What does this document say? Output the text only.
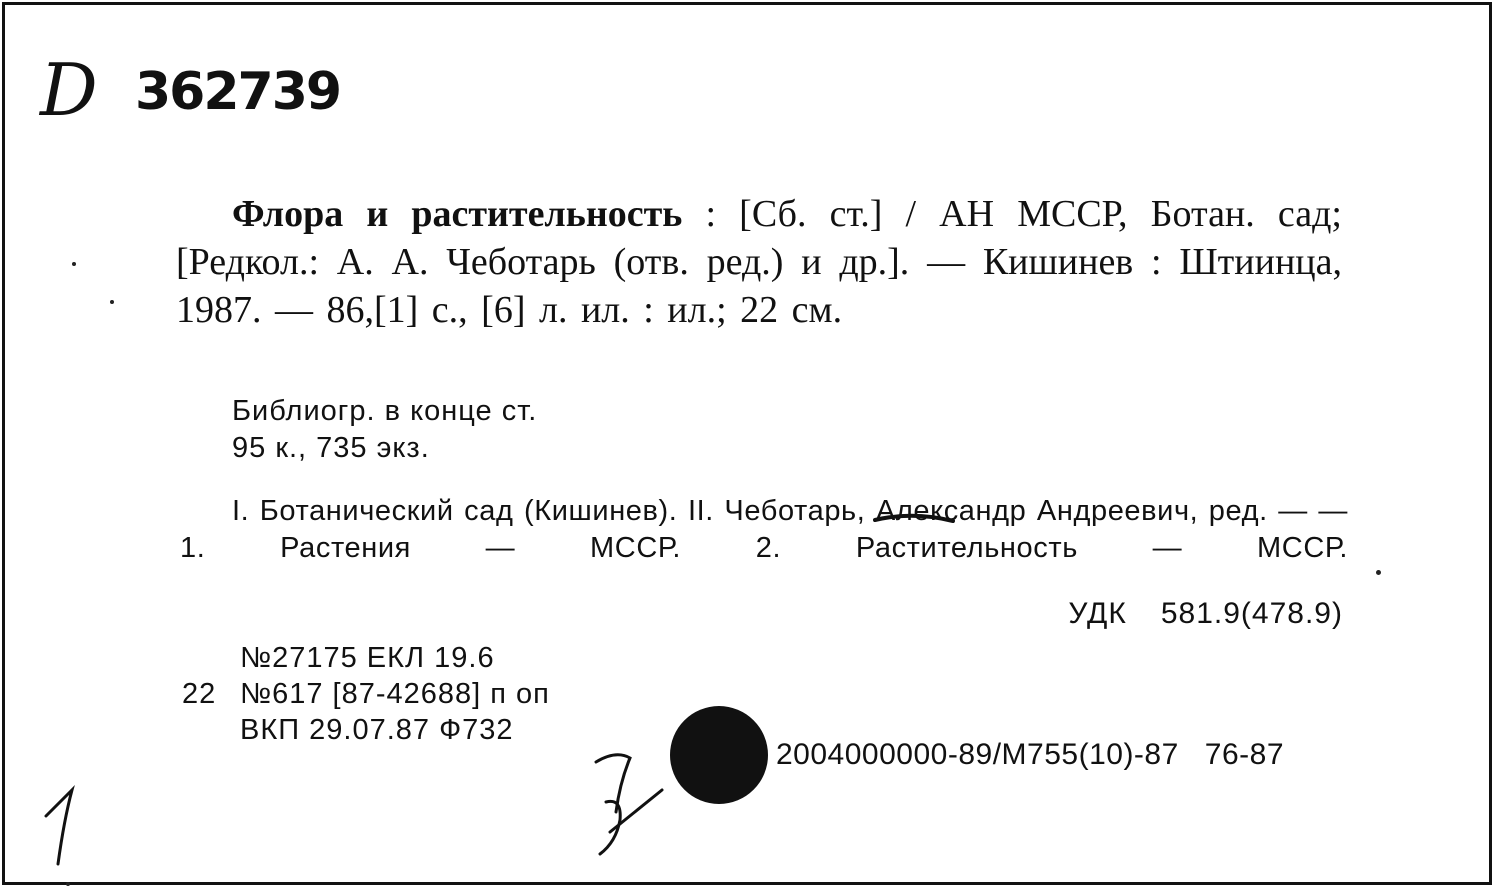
D 362739
Флора и растительность : [Сб. ст.] / АН МССР, Ботан. сад; [Редкол.: А. А. Чеботарь (отв. ред.) и др.]. — Кишинев : Штиинца, 1987. — 86,[1] с., [6] л. ил. : ил.; 22 см.
Библиогр. в конце ст.
95 к., 735 экз.
I. Ботанический сад (Кишинев). II. Чеботарь, Александр Андреевич, ред. — — 1. Растения — МССР. 2. Растительность — МССР.
УДК 581.9(478.9)
№27175 ЕКЛ 19.6
22 №617 [87-42688] п оп
ВКП 29.07.87 Ф732
2004000000-89/М755(10)-87 76-87
